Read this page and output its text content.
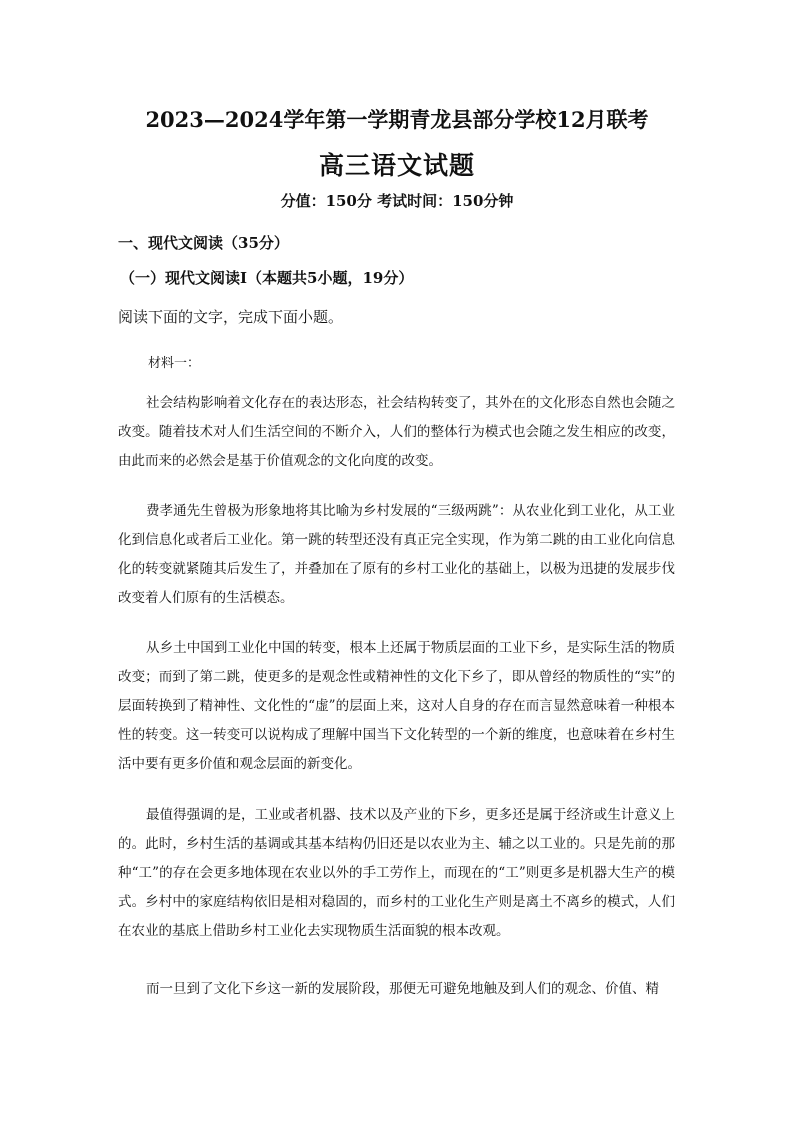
2023—2024学年第一学期青龙县部分学校12月联考
高三语文试题
分值：150分 考试时间：150分钟
一、现代文阅读（35分）
（一）现代文阅读Ⅰ（本题共5小题，19分）
阅读下面的文字，完成下面小题。
材料一：

社会结构影响着文化存在的表达形态，社会结构转变了，其外在的文化形态自然也会随之改变。随着技术对人们生活空间的不断介入，人们的整体行为模式也会随之发生相应的改变，由此而来的必然会是基于价值观念的文化向度的改变。

费孝通先生曾极为形象地将其比喻为乡村发展的“三级两跳”：从农业化到工业化，从工业化到信息化或者后工业化。第一跳的转型还没有真正完全实现，作为第二跳的由工业化向信息化的转变就紧随其后发生了，并叠加在了原有的乡村工业化的基础上，以极为迅捷的发展步伐改变着人们原有的生活模态。

从乡土中国到工业化中国的转变，根本上还属于物质层面的工业下乡，是实际生活的物质改变；而到了第二跳，使更多的是观念性或精神性的文化下乡了，即从曾经的物质性的“实”的层面转换到了精神性、文化性的“虚”的层面上来，这对人自身的存在而言显然意味着一种根本性的转变。这一转变可以说构成了理解中国当下文化转型的一个新的维度，也意味着在乡村生活中要有更多价值和观念层面的新变化。

最值得强调的是，工业或者机器、技术以及产业的下乡，更多还是属于经济或生计意义上的。此时，乡村生活的基调或其基本结构仍旧还是以农业为主、辅之以工业的。只是先前的那种“工”的存在会更多地体现在农业以外的手工劳作上，而现在的“工”则更多是机器大生产的模式。乡村中的家庭结构依旧是相对稳固的，而乡村的工业化生产则是离土不离乡的模式，人们在农业的基底上借助乡村工业化去实现物质生活面貌的根本改观。

而一旦到了文化下乡这一新的发展阶段，那便无可避免地触及到人们的观念、价值、精
